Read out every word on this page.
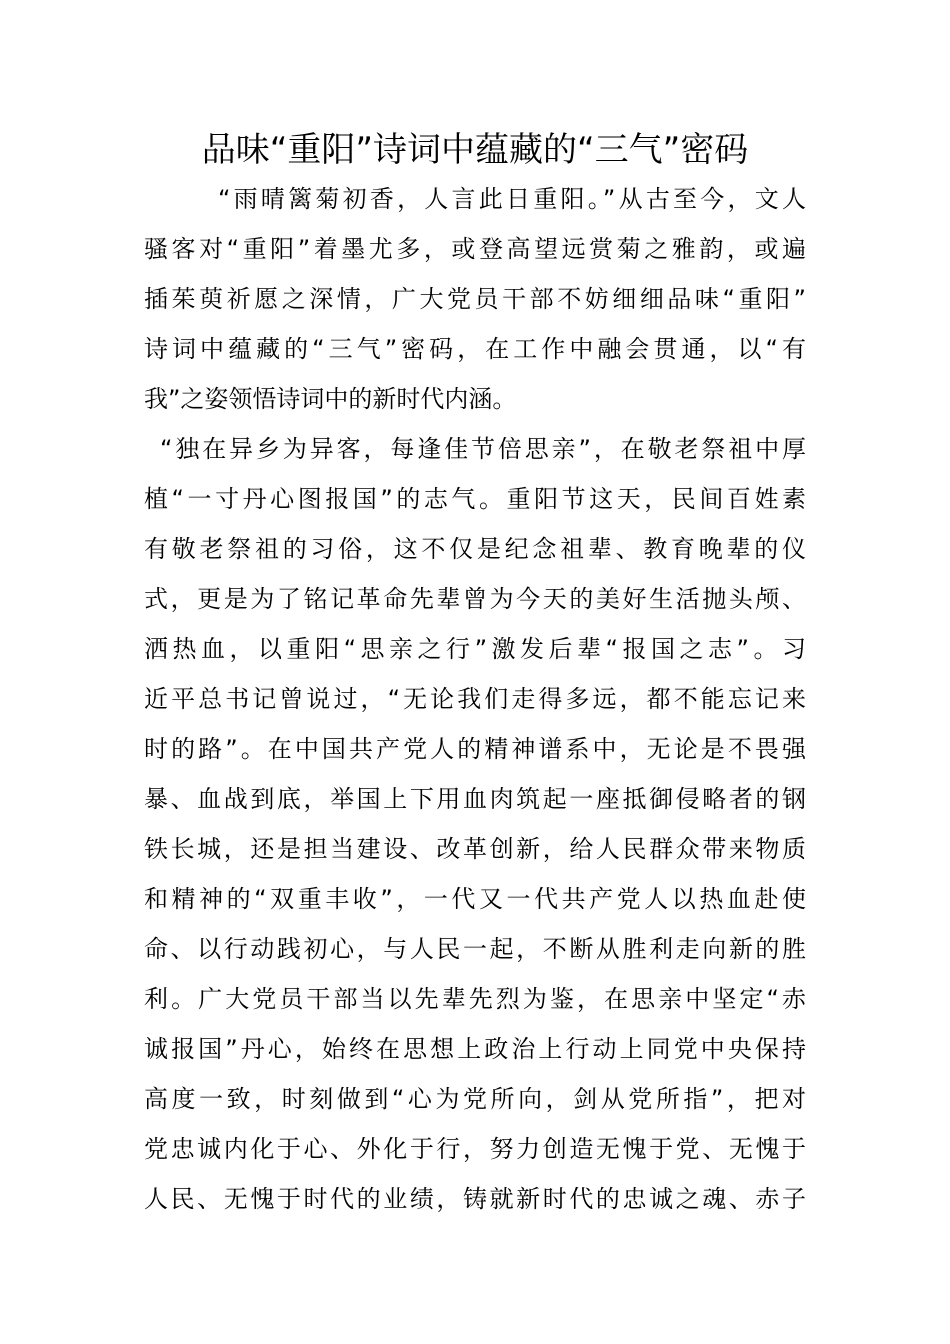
品味“重阳”诗词中蕴藏的“三气”密码
“雨晴篱菊初香，人言此日重阳。”从古至今，文人
骚客对“重阳”着墨尤多，或登高望远赏菊之雅韵，或遍
插茱萸祈愿之深情，广大党员干部不妨细细品味“重阳”
诗词中蕴藏的“三气”密码，在工作中融会贯通，以“有
我”之姿领悟诗词中的新时代内涵。
“独在异乡为异客，每逢佳节倍思亲”，在敬老祭祖中厚
植“一寸丹心图报国”的志气。重阳节这天，民间百姓素
有敬老祭祖的习俗，这不仅是纪念祖辈、教育晚辈的仪
式，更是为了铭记革命先辈曾为今天的美好生活抛头颅、
洒热血，以重阳“思亲之行”激发后辈“报国之志”。习
近平总书记曾说过，“无论我们走得多远，都不能忘记来
时的路”。在中国共产党人的精神谱系中，无论是不畏强
暴、血战到底，举国上下用血肉筑起一座抵御侵略者的钢
铁长城，还是担当建设、改革创新，给人民群众带来物质
和精神的“双重丰收”，一代又一代共产党人以热血赴使
命、以行动践初心，与人民一起，不断从胜利走向新的胜
利。广大党员干部当以先辈先烈为鉴，在思亲中坚定“赤
诚报国”丹心，始终在思想上政治上行动上同党中央保持
高度一致，时刻做到“心为党所向，剑从党所指”，把对
党忠诚内化于心、外化于行，努力创造无愧于党、无愧于
人民、无愧于时代的业绩，铸就新时代的忠诚之魂、赤子
